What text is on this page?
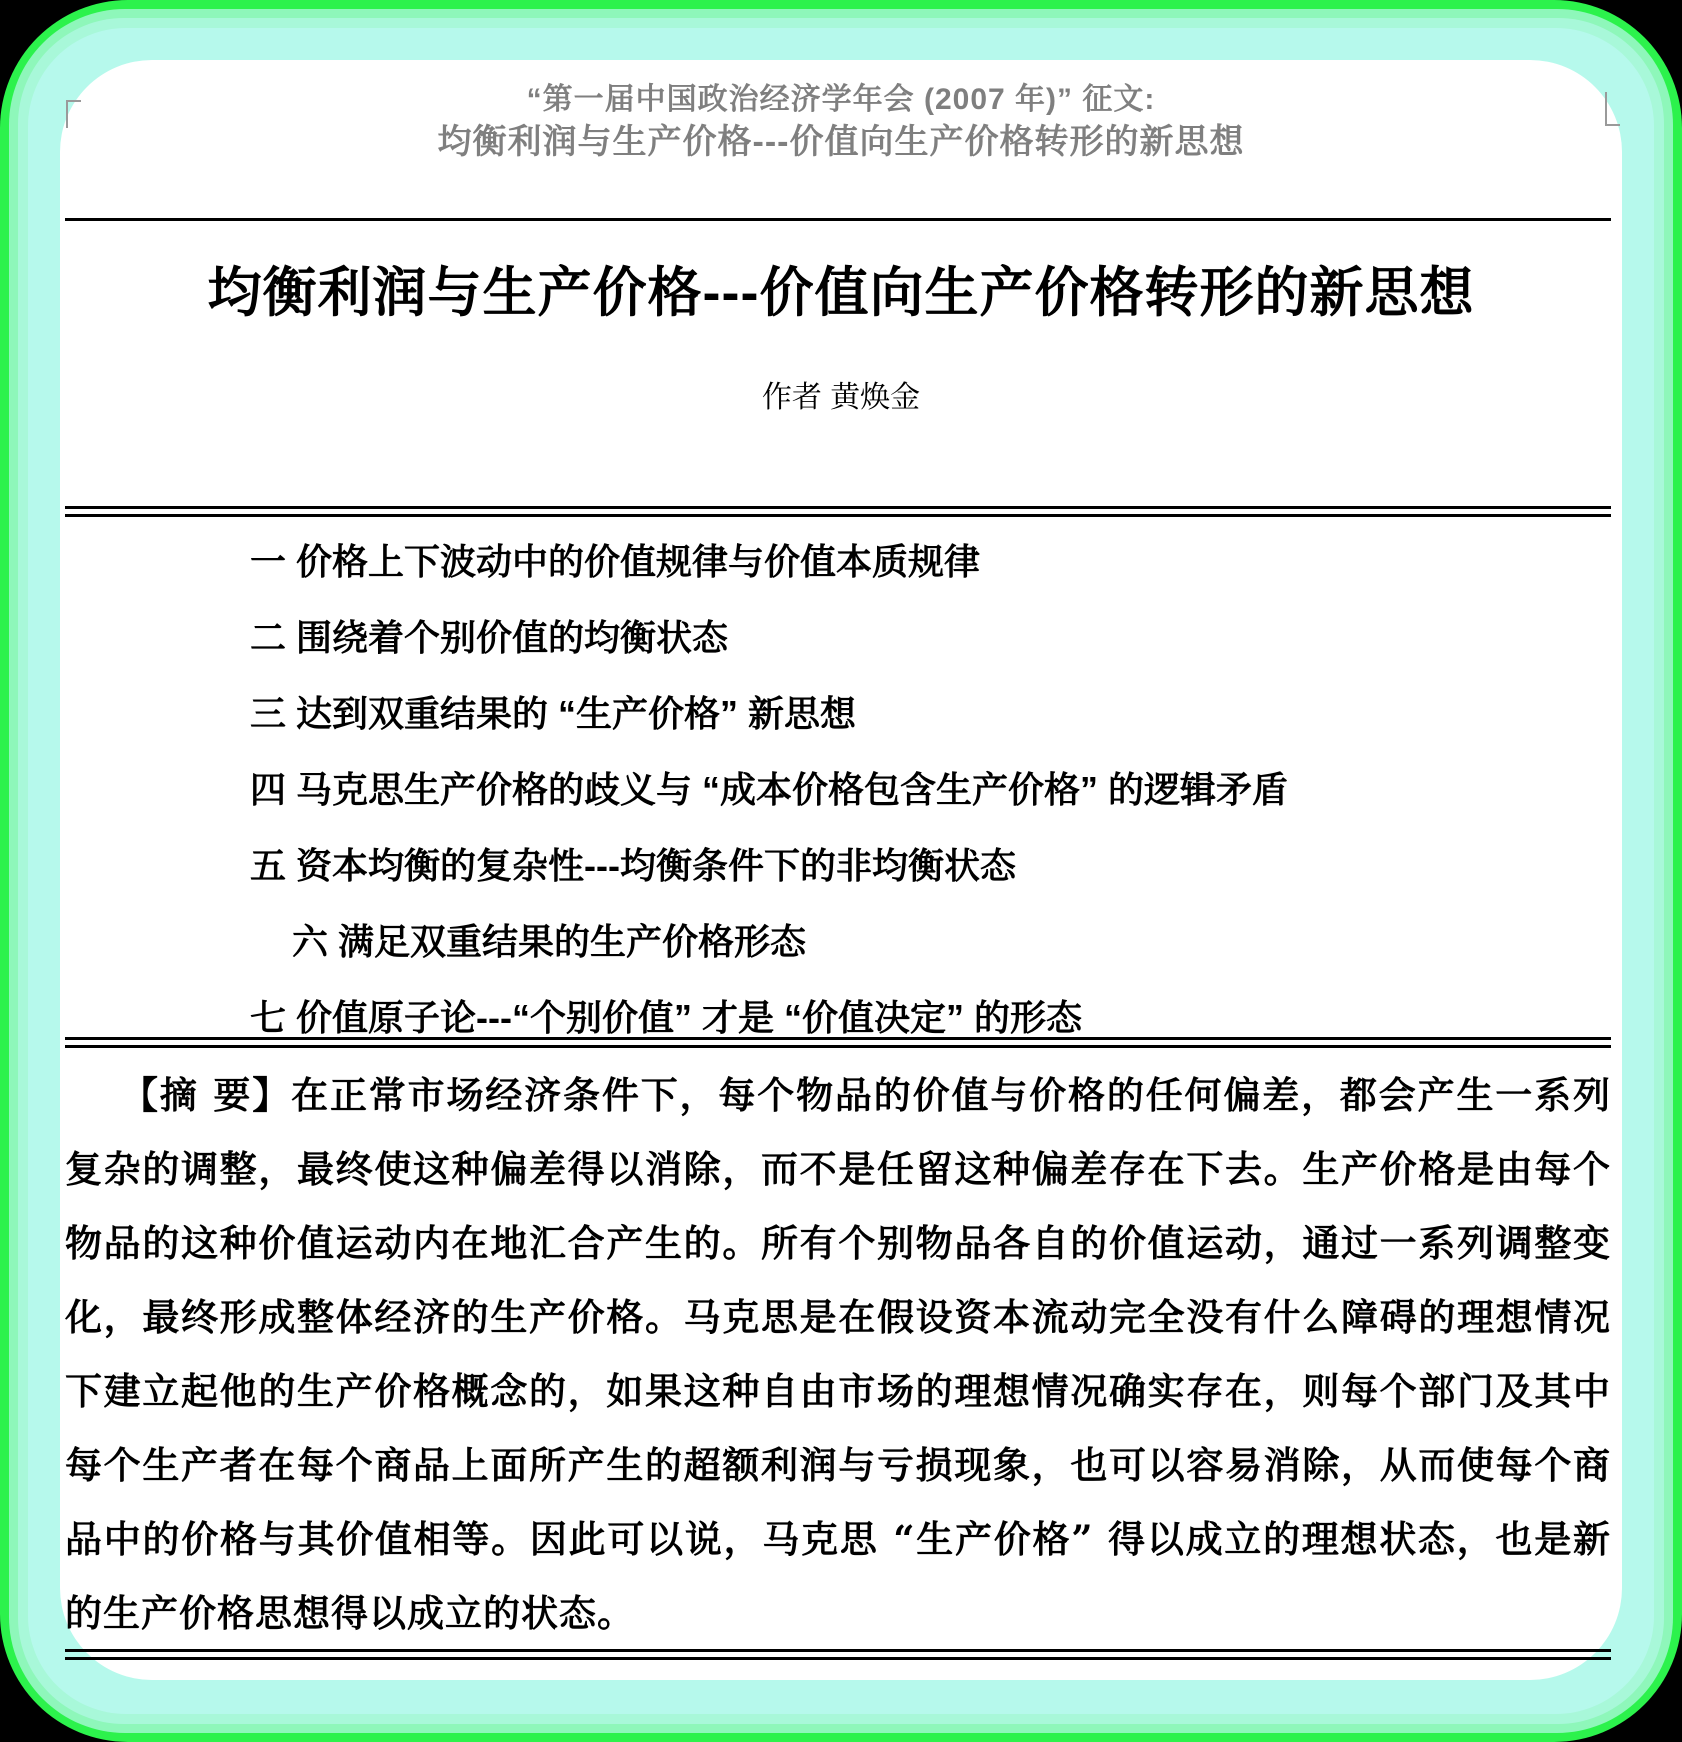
“第一届中国政治经济学年会 (2007 年)” 征文:
均衡利润与生产价格---价值向生产价格转形的新思想
均衡利润与生产价格---价值向生产价格转形的新思想
作者 黄焕金
一 价格上下波动中的价值规律与价值本质规律
二 围绕着个别价值的均衡状态
三 达到双重结果的 “生产价格” 新思想
四 马克思生产价格的歧义与 “成本价格包含生产价格” 的逻辑矛盾
五 资本均衡的复杂性---均衡条件下的非均衡状态
六 满足双重结果的生产价格形态
七 价值原子论---“个别价值” 才是 “价值决定” 的形态
【摘 要】在正常市场经济条件下，每个物品的价值与价格的任何偏差，都会产生一系列
复杂的调整，最终使这种偏差得以消除，而不是任留这种偏差存在下去。生产价格是由每个
物品的这种价值运动内在地汇合产生的。所有个别物品各自的价值运动，通过一系列调整变
化，最终形成整体经济的生产价格。马克思是在假设资本流动完全没有什么障碍的理想情况
下建立起他的生产价格概念的，如果这种自由市场的理想情况确实存在，则每个部门及其中
每个生产者在每个商品上面所产生的超额利润与亏损现象，也可以容易消除，从而使每个商
品中的价格与其价值相等。因此可以说，马克思 “生产价格” 得以成立的理想状态，也是新
的生产价格思想得以成立的状态。
